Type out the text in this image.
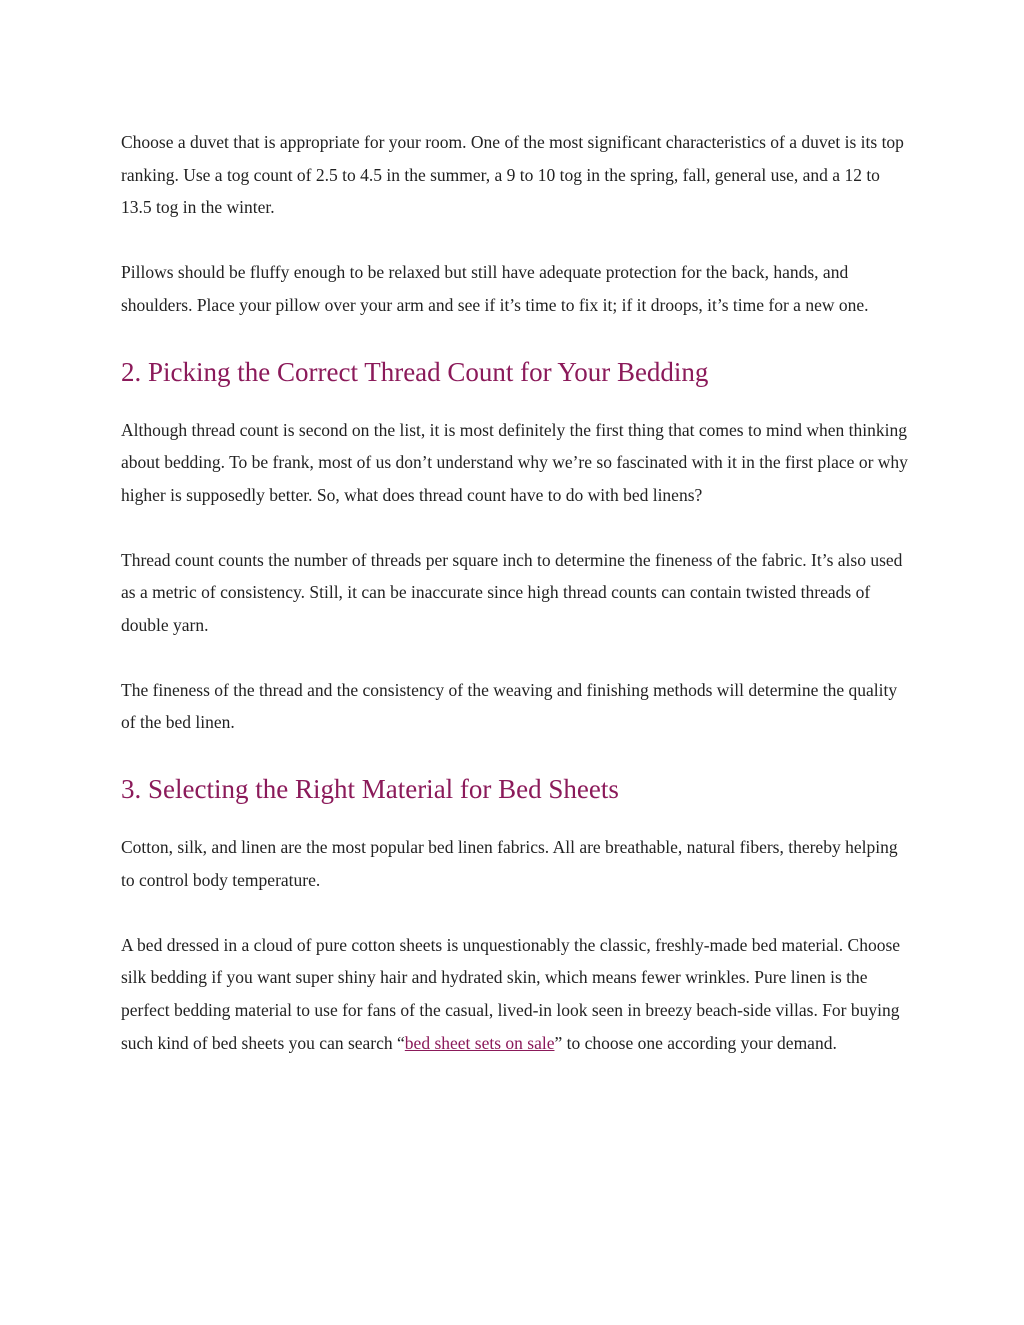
Choose a duvet that is appropriate for your room. One of the most significant characteristics of a duvet is its top ranking. Use a tog count of 2.5 to 4.5 in the summer, a 9 to 10 tog in the spring, fall, general use, and a 12 to 13.5 tog in the winter.

Pillows should be fluffy enough to be relaxed but still have adequate protection for the back, hands, and shoulders. Place your pillow over your arm and see if it’s time to fix it; if it droops, it’s time for a new one.

2. Picking the Correct Thread Count for Your Bedding

Although thread count is second on the list, it is most definitely the first thing that comes to mind when thinking about bedding. To be frank, most of us don’t understand why we’re so fascinated with it in the first place or why higher is supposedly better. So, what does thread count have to do with bed linens?

Thread count counts the number of threads per square inch to determine the fineness of the fabric. It’s also used as a metric of consistency. Still, it can be inaccurate since high thread counts can contain twisted threads of double yarn.

The fineness of the thread and the consistency of the weaving and finishing methods will determine the quality of the bed linen.

3. Selecting the Right Material for Bed Sheets

Cotton, silk, and linen are the most popular bed linen fabrics. All are breathable, natural fibers, thereby helping to control body temperature.

A bed dressed in a cloud of pure cotton sheets is unquestionably the classic, freshly-made bed material. Choose silk bedding if you want super shiny hair and hydrated skin, which means fewer wrinkles. Pure linen is the perfect bedding material to use for fans of the casual, lived-in look seen in breezy beach-side villas. For buying such kind of bed sheets you can search “bed sheet sets on sale” to choose one according your demand.
